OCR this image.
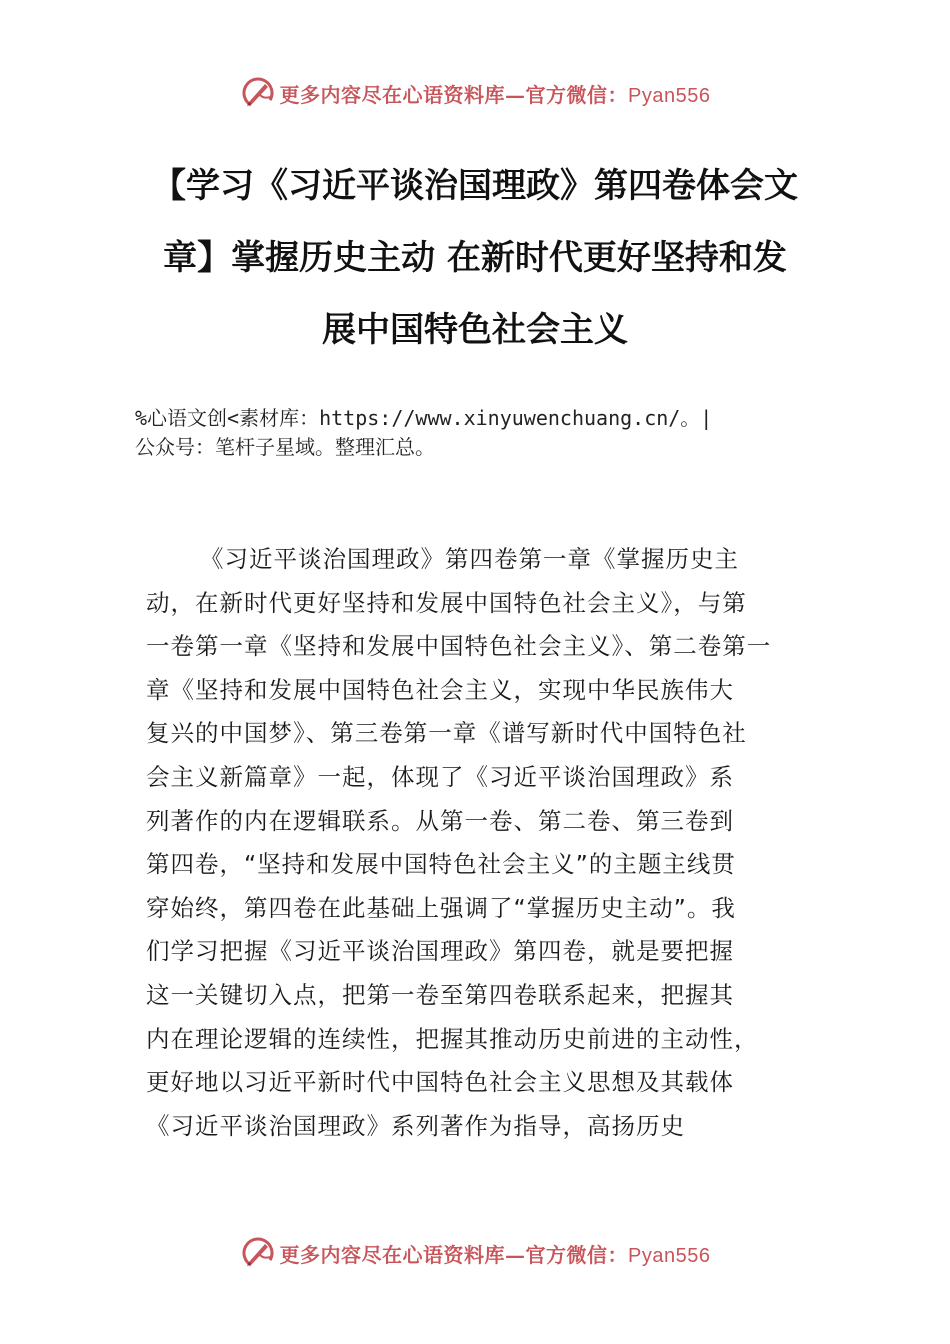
更多内容尽在心语资料库—官方微信：Pyan556
【学习《习近平谈治国理政》第四卷体会文
章】掌握历史主动 在新时代更好坚持和发
展中国特色社会主义
%心语文创<素材库：https://www.xinyuwenchuang.cn/。|
公众号：笔杆子星域。整理汇总。
《习近平谈治国理政》第四卷第一章《掌握历史主
动，在新时代更好坚持和发展中国特色社会主义》，与第
一卷第一章《坚持和发展中国特色社会主义》、第二卷第一
章《坚持和发展中国特色社会主义，实现中华民族伟大
复兴的中国梦》、第三卷第一章《谱写新时代中国特色社
会主义新篇章》一起，体现了《习近平谈治国理政》系
列著作的内在逻辑联系。从第一卷、第二卷、第三卷到
第四卷，“坚持和发展中国特色社会主义”的主题主线贯
穿始终，第四卷在此基础上强调了“掌握历史主动”。我
们学习把握《习近平谈治国理政》第四卷，就是要把握
这一关键切入点，把第一卷至第四卷联系起来，把握其
内在理论逻辑的连续性，把握其推动历史前进的主动性，
更好地以习近平新时代中国特色社会主义思想及其载体
《习近平谈治国理政》系列著作为指导，高扬历史
更多内容尽在心语资料库—官方微信：Pyan556
